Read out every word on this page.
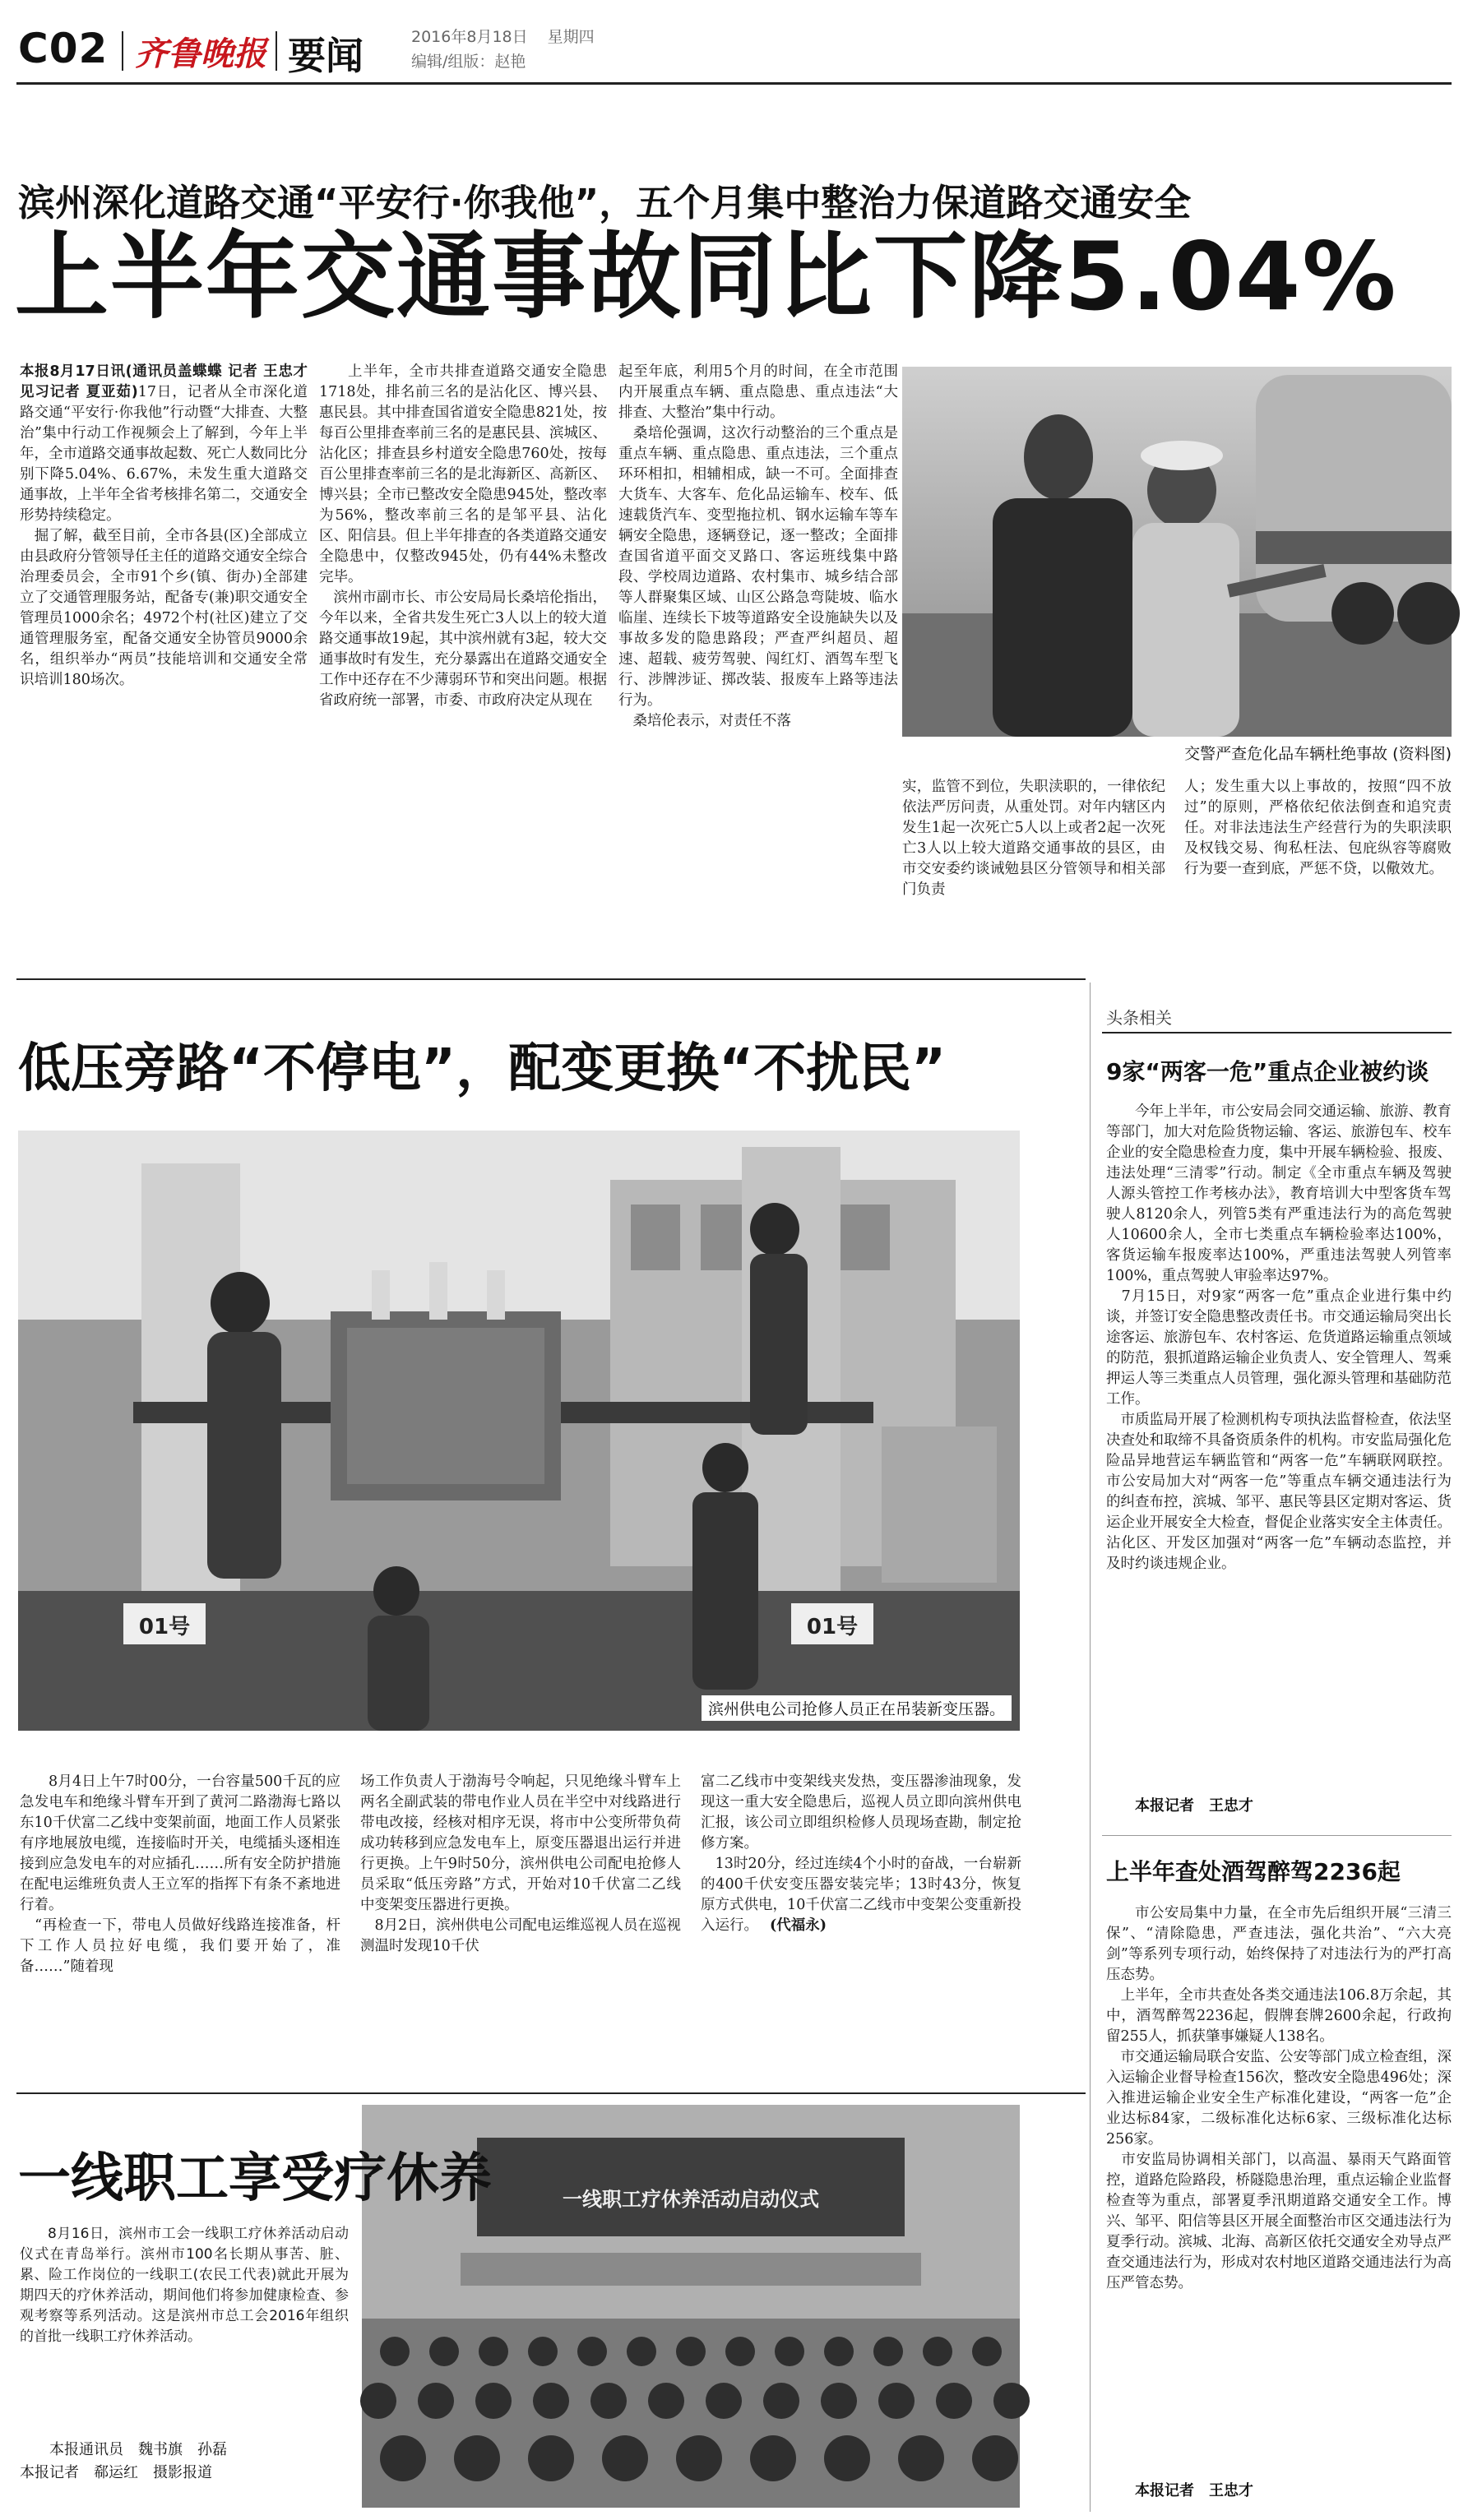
C02 齐鲁晚报 要闻	2016年8月18日 星期四
编辑/组版：赵艳
滨州深化道路交通“平安行·你我他”，五个月集中整治力保道路交通安全
上半年交通事故同比下降5.04%
本报8月17日讯(通讯员盖蝶蝶 记者 王忠才 见习记者 夏亚茹)17日，记者从全市深化道路交通“平安行·你我他”行动暨“大排查、大整治”集中行动工作视频会上了解到，今年上半年，全市道路交通事故起数、死亡人数同比分别下降5.04%、6.67%，未发生重大道路交通事故，上半年全省考核排名第二，交通安全形势持续稳定。
　掘了解，截至目前，全市各县(区)全部成立由县政府分管领导任主任的道路交通安全综合治理委员会，全市91个乡(镇、街办)全部建立了交通管理服务站，配备专(兼)职交通安全管理员1000余名；4972个村(社区)建立了交通管理服务室，配备交通安全协管员9000余名，组织举办“两员”技能培训和交通安全常识培训180场次。
上半年，全市共排查道路交通安全隐患1718处，排名前三名的是沾化区、博兴县、惠民县。其中排查国省道安全隐患821处，按每百公里排查率前三名的是惠民县、滨城区、沾化区；排查县乡村道安全隐患760处，按每百公里排查率前三名的是北海新区、高新区、博兴县；全市已整改安全隐患945处，整改率为56%，整改率前三名的是邹平县、沾化区、阳信县。但上半年排查的各类道路交通安全隐患中，仅整改945处，仍有44%未整改完毕。
　滨州市副市长、市公安局局长桑培伦指出，今年以来，全省共发生死亡3人以上的较大道路交通事故19起，其中滨州就有3起，较大交通事故时有发生，充分暴露出在道路交通安全工作中还存在不少薄弱环节和突出问题。根据省政府统一部署，市委、市政府决定从现在
起至年底，利用5个月的时间，在全市范围内开展重点车辆、重点隐患、重点违法“大排查、大整治”集中行动。
　桑培伦强调，这次行动整治的三个重点是重点车辆、重点隐患、重点违法，三个重点环环相扣，相辅相成，缺一不可。全面排查大货车、大客车、危化品运输车、校车、低速载货汽车、变型拖拉机、钢水运输车等车辆安全隐患，逐辆登记，逐一整改；全面排查国省道平面交叉路口、客运班线集中路段、学校周边道路、农村集市、城乡结合部等人群聚集区域、山区公路急弯陡坡、临水临崖、连续长下坡等道路安全设施缺失以及事故多发的隐患路段；严查严纠超员、超速、超载、疲劳驾驶、闯红灯、酒驾车型飞行、涉牌涉证、掷改装、报废车上路等违法行为。
　桑培伦表示，对责任不落
交警严查危化品车辆杜绝事故 (资料图)
实，监管不到位，失职渎职的，一律依纪依法严厉问责，从重处罚。对年内辖区内发生1起一次死亡5人以上或者2起一次死亡3人以上较大道路交通事故的县区，由市交安委约谈诫勉县区分管领导和相关部门负责
人；发生重大以上事故的，按照“四不放过”的原则，严格依纪依法倒查和追究责任。对非法违法生产经营行为的失职渎职及权钱交易、徇私枉法、包庇纵容等腐败行为要一查到底，严惩不贷，以儆效尤。
低压旁路“不停电”，配变更换“不扰民”
01号	01号
滨州供电公司抢修人员正在吊装新变压器。
8月4日上午7时00分，一台容量500千瓦的应急发电车和绝缘斗臂车开到了黄河二路渤海七路以东10千伏富二乙线中变架前面，地面工作人员紧张有序地展放电缆，连接临时开关，电缆插头逐相连接到应急发电车的对应插孔……所有安全防护措施在配电运维班负责人王立军的指挥下有条不紊地进行着。
　“再检查一下，带电人员做好线路连接准备，杆下工作人员拉好电缆，我们要开始了，准备……”随着现
场工作负责人于渤海号令响起，只见绝缘斗臂车上两名全副武装的带电作业人员在半空中对线路进行带电改接，经核对相序无误，将市中公变所带负荷成功转移到应急发电车上，原变压器退出运行并进行更换。上午9时50分，滨州供电公司配电抢修人员采取“低压旁路”方式，开始对10千伏富二乙线中变架变压器进行更换。
　8月2日，滨州供电公司配电运维巡视人员在巡视测温时发现10千伏
富二乙线市中变架线夹发热，变压器渗油现象，发现这一重大安全隐患后，巡视人员立即向滨州供电汇报，该公司立即组织检修人员现场查勘，制定抢修方案。
　13时20分，经过连续4个小时的奋战，一台崭新的400千伏安变压器安装完毕；13时43分，恢复原方式供电，10千伏富二乙线市中变架公变重新投入运行。 (代福永)
一线职工疗休养活动启动仪式
一线职工享受疗休养
8月16日，滨州市工会一线职工疗休养活动启动仪式在青岛举行。滨州市100名长期从事苦、脏、累、险工作岗位的一线职工(农民工代表)就此开展为期四天的疗休养活动，期间他们将参加健康检查、参观考察等系列活动。这是滨州市总工会2016年组织的首批一线职工疗休养活动。
本报通讯员　魏书旗　孙磊
本报记者　郗运红　摄影报道
头条相关
9家“两客一危”重点企业被约谈
今年上半年，市公安局会同交通运输、旅游、教育等部门，加大对危险货物运输、客运、旅游包车、校车企业的安全隐患检查力度，集中开展车辆检验、报废、违法处理“三清零”行动。制定《全市重点车辆及驾驶人源头管控工作考核办法》，教育培训大中型客货车驾驶人8120余人，列管5类有严重违法行为的高危驾驶人10600余人，全市七类重点车辆检验率达100%，客货运输车报废率达100%，严重违法驾驶人列管率100%，重点驾驶人审验率达97%。
　7月15日，对9家“两客一危”重点企业进行集中约谈，并签订安全隐患整改责任书。市交通运输局突出长途客运、旅游包车、农村客运、危货道路运输重点领域的防范，狠抓道路运输企业负责人、安全管理人、驾乘押运人等三类重点人员管理，强化源头管理和基础防范工作。
　市质监局开展了检测机构专项执法监督检查，依法坚决查处和取缔不具备资质条件的机构。市安监局强化危险品异地营运车辆监管和“两客一危”车辆联网联控。市公安局加大对“两客一危”等重点车辆交通违法行为的纠查布控，滨城、邹平、惠民等县区定期对客运、货运企业开展安全大检查，督促企业落实安全主体责任。沾化区、开发区加强对“两客一危”车辆动态监控，并及时约谈违规企业。
本报记者　王忠才
上半年查处酒驾醉驾2236起
市公安局集中力量，在全市先后组织开展“三清三保”、“清除隐患，严查违法，强化共治”、“六大亮剑”等系列专项行动，始终保持了对违法行为的严打高压态势。
　上半年，全市共查处各类交通违法106.8万余起，其中，酒驾醉驾2236起，假牌套牌2600余起，行政拘留255人，抓获肇事嫌疑人138名。
　市交通运输局联合安监、公安等部门成立检查组，深入运输企业督导检查156次，整改安全隐患496处；深入推进运输企业安全生产标准化建设，“两客一危”企业达标84家，二级标准化达标6家、三级标准化达标256家。
　市安监局协调相关部门，以高温、暴雨天气路面管控，道路危险路段，桥隧隐患治理，重点运输企业监督检查等为重点，部署夏季汛期道路交通安全工作。博兴、邹平、阳信等县区开展全面整治市区交通违法行为夏季行动。滨城、北海、高新区依托交通安全劝导点严查交通违法行为，形成对农村地区道路交通违法行为高压严管态势。
本报记者　王忠才
